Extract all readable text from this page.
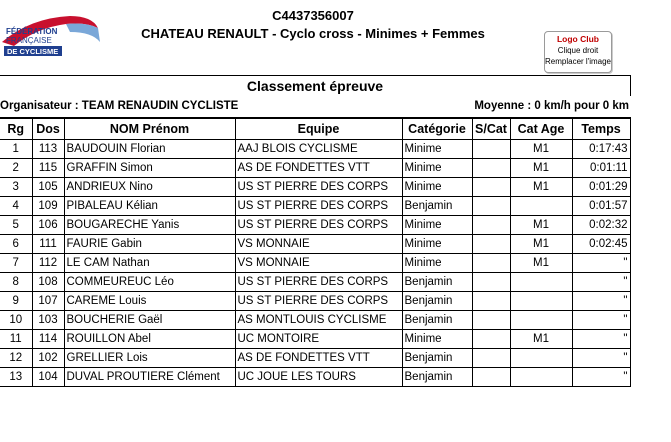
FÉDÉRATION
FRANÇAISE
DE CYCLISME
C4437356007
CHATEAU RENAULT - Cyclo cross - Minimes + Femmes	Logo Club
Clique droit
Remplacer l'image
Classement épreuve
Organisateur : TEAM RENAUDIN CYCLISTE	Moyenne : 0 km/h pour 0 km
Rg	Dos	NOM Prénom	Equipe	Catégorie	S/Cat	Cat Age	Temps
1	113	BAUDOUIN Florian	AAJ BLOIS CYCLISME	Minime		M1	0:17:43
2	115	GRAFFIN Simon	AS DE FONDETTES VTT	Minime		M1	0:01:11
3	105	ANDRIEUX Nino	US ST PIERRE DES CORPS	Minime		M1	0:01:29
4	109	PIBALEAU Kélian	US ST PIERRE DES CORPS	Benjamin			0:01:57
5	106	BOUGARECHE Yanis	US ST PIERRE DES CORPS	Minime		M1	0:02:32
6	111	FAURIE Gabin	VS MONNAIE	Minime		M1	0:02:45
7	112	LE CAM Nathan	VS MONNAIE	Minime		M1	"
8	108	COMMEUREUC Léo	US ST PIERRE DES CORPS	Benjamin			"
9	107	CAREME Louis	US ST PIERRE DES CORPS	Benjamin			"
10	103	BOUCHERIE Gaël	AS MONTLOUIS CYCLISME	Benjamin			"
11	114	ROUILLON Abel	UC MONTOIRE	Minime		M1	"
12	102	GRELLIER Lois	AS DE FONDETTES VTT	Benjamin			"
13	104	DUVAL PROUTIERE Clément	UC JOUE LES TOURS	Benjamin			"
